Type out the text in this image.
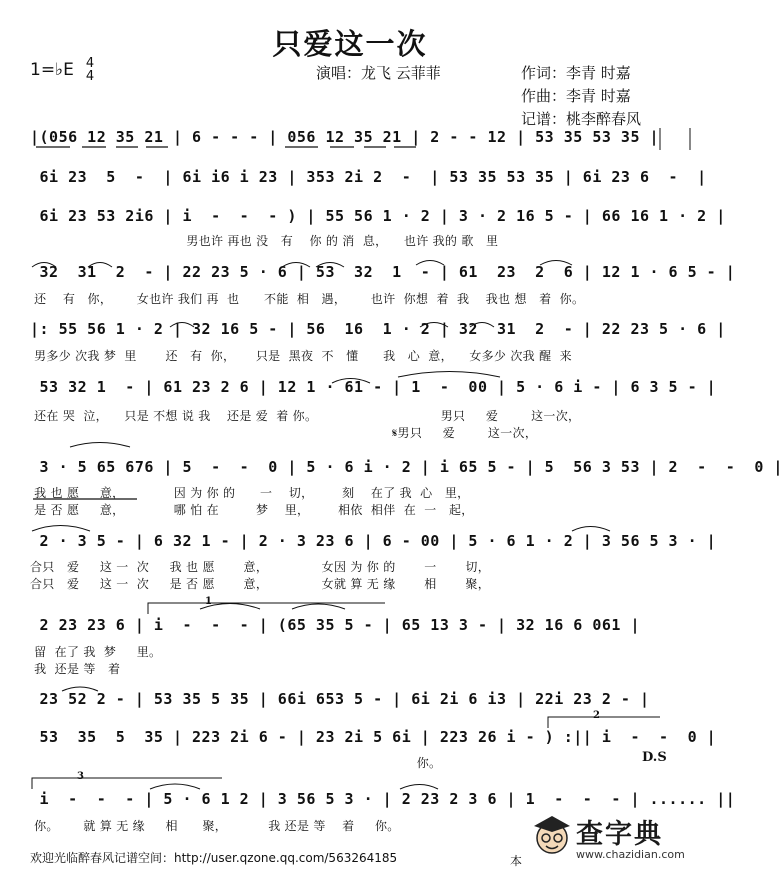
只爱这一次
1=♭E 4
4	演唱：龙飞 云菲菲	作词：李青 时嘉
作曲：李青 时嘉
记谱：桃李醉春风
|(056 12 35 21 | 6 - - - | 056 12 35 21 | 2 - - 12 | 53 35 53 35 |
6i 23  5  -  | 6i i6 i 23 | 353 2i 2  -  | 53 35 53 35 | 6i 23 6  -  |
6i 23 53 2i6 | i  -  -  - ) | 55 56 1 · 2 | 3 · 2 16 5 - | 66 16 1 · 2 |
男也许 再也 没   有    你 的 消  息，    也许 我的 歌   里
32  31  2  - | 22 23 5 · 6 | 53  32  1  - | 61  23  2  6 | 12 1 · 6 5 - |
还    有   你，      女也许 我们 再  也      不能  相   遇，      也许  你想  着  我    我也 想   着  你。
|: 55 56 1 · 2 | 32 16 5 - | 56  16  1 · 2 | 32  31  2  - | 22 23 5 · 6 |
男多少 次我 梦  里       还   有  你，     只是  黑夜  不   懂      我   心  意，    女多少 次我 醒  来
53 32 1  - | 61 23 2 6 | 12 1 · 61 - | 1  -  00 | 5 · 6 i - | 6 3 5 - |
还在 哭  泣，    只是 不想 说 我    还是 爱  着 你。                              男只     爱        这一次，
𝄋男只     爱        这一次，
3 · 5 65 676 | 5  -  -  0 | 5 · 6 i · 2 | i 65 5 - | 5  56 3 53 | 2  -  -  0 |
我 也 愿     意，            因 为 你 的      一    切，       刻    在了 我  心   里，
是 否 愿     意，            哪 怕 在         梦    里，       相依  相伴  在  一   起，
2 · 3 5 - | 6 32 1 - | 2 · 3 23 6 | 6 - 00 | 5 · 6 1 · 2 | 3 56 5 3 · |
合只   爱     这 一  次     我 也 愿       意，             女因 为 你 的       一       切，
合只   爱     这 一  次     是 否 愿       意，             女就 算 无 缘       相       聚，
2 23 23 6 | i  -  -  - | (65 35 5 - | 65 13 3 - | 32 16 6 061 |
留  在了 我  梦     里。
我  还是 等   着
23 52 2 - | 53 35 5 35 | 66i 653 5 - | 6i 2i 6 i3 | 22i 23 2 - |
53  35  5  35 | 223 2i 6 - | 23 2i 5 6i | 223 26 i - ) :|| i  -  -  0 |
你。
i  -  -  - | 5 · 6 1 2 | 3 56 5 3 · | 2 23 2 3 6 | 1  -  -  - | ...... ||
你。      就 算 无 缘     相      聚，          我 还是 等    着     你。
1
2
3
D.S
欢迎光临醉春风记谱空间：http://user.qzone.qq.com/563264185	本
查字典
www.chazidian.com
